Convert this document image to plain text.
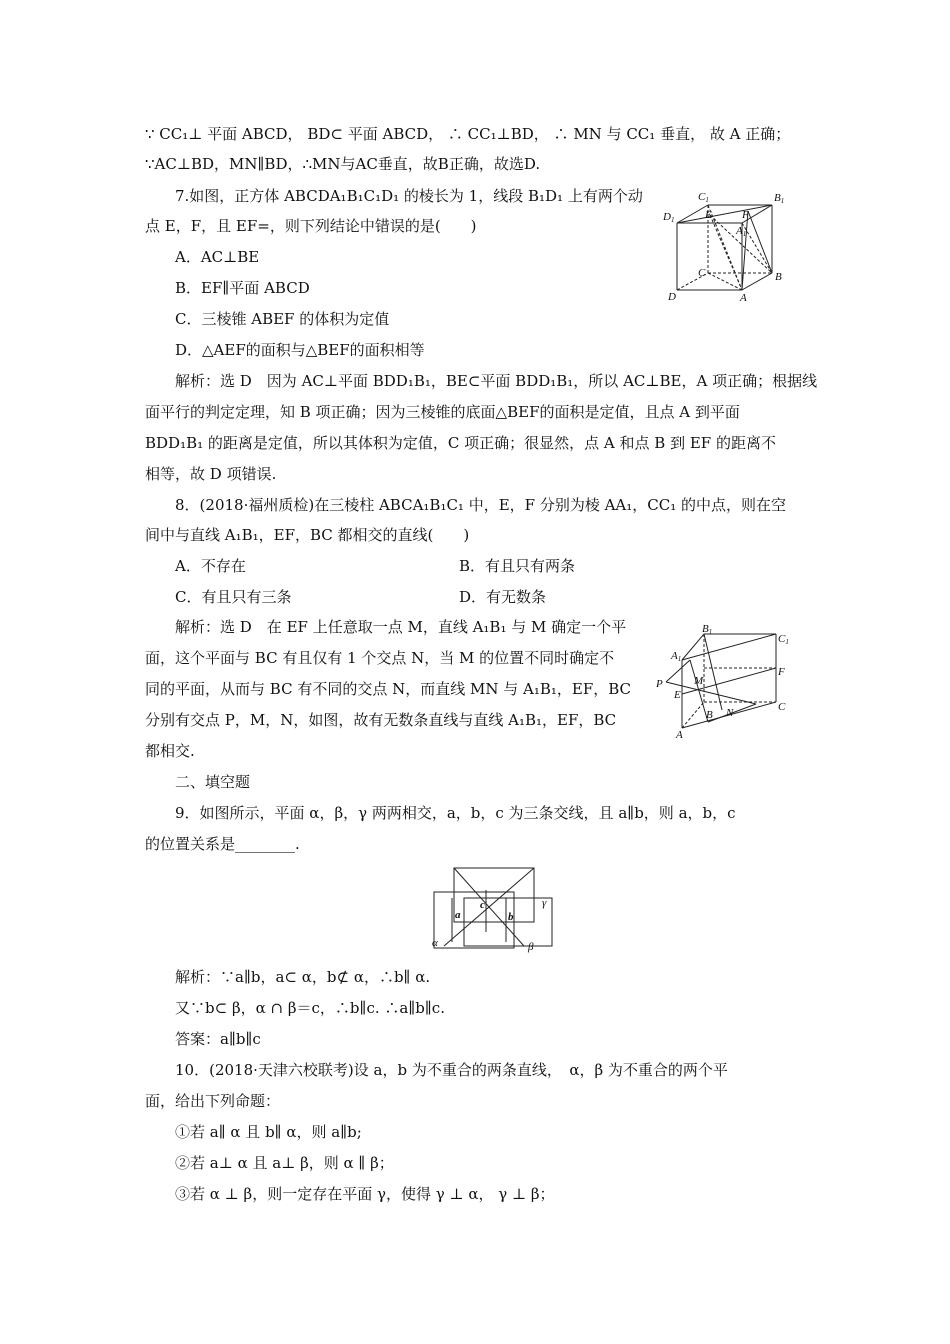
∵ CC₁⊥ 平面 ABCD， BD⊂ 平面 ABCD， ∴ CC₁⊥BD， ∴ MN 与 CC₁ 垂直， 故 A 正确；
∵AC⊥BD，MN∥BD，∴MN与AC垂直，故B正确，故选D.
7.如图，正方体 ABCDA₁B₁C₁D₁ 的棱长为 1，线段 B₁D₁ 上有两个动
点 E，F，且 EF=，则下列结论中错误的是(　　)
A．AC⊥BE
B．EF∥平面 ABCD
C．三棱锥 ABEF 的体积为定值
D．△AEF的面积与△BEF的面积相等
解析：选 D　因为 AC⊥平面 BDD₁B₁，BE⊂平面 BDD₁B₁，所以 AC⊥BE，A 项正确；根据线
面平行的判定定理，知 B 项正确；因为三棱锥的底面△BEF的面积是定值，且点 A 到平面
BDD₁B₁ 的距离是定值，所以其体积为定值，C 项正确；很显然，点 A 和点 B 到 EF 的距离不
相等，故 D 项错误.
C1	B1
D1	E	F
A1
C	B
D	A
8．(2018·福州质检)在三棱柱 ABCA₁B₁C₁ 中，E，F 分别为棱 AA₁，CC₁ 的中点，则在空
间中与直线 A₁B₁，EF，BC 都相交的直线(　　)
A．不存在	B．有且只有两条
C．有且只有三条	D．有无数条
解析：选 D　在 EF 上任意取一点 M，直线 A₁B₁ 与 M 确定一个平
面，这个平面与 BC 有且仅有 1 个交点 N，当 M 的位置不同时确定不
同的平面，从而与 BC 有不同的交点 N，而直线 MN 与 A₁B₁，EF，BC
分别有交点 P，M，N，如图，故有无数条直线与直线 A₁B₁，EF，BC
都相交.
B1
C1
A1
F
P	M
E
C
B N
A
二、填空题
9．如图所示，平面 α，β，γ 两两相交，a，b，c 为三条交线，且 a∥b，则 a，b，c
的位置关系是________.
a
c
b
γ
α	β
解析：∵a∥b，a⊂ α，b⊄ α，∴b∥ α.
又∵b⊂ β，α ∩ β＝c，∴b∥c. ∴a∥b∥c.
答案：a∥b∥c
10．(2018·天津六校联考)设 a，b 为不重合的两条直线，　α，β 为不重合的两个平
面，给出下列命题：
①若 a∥ α 且 b∥ α，则 a∥b;
②若 a⊥ α 且 a⊥ β，则 α ∥ β；
③若 α ⊥ β，则一定存在平面 γ，使得 γ ⊥ α， γ ⊥ β；
